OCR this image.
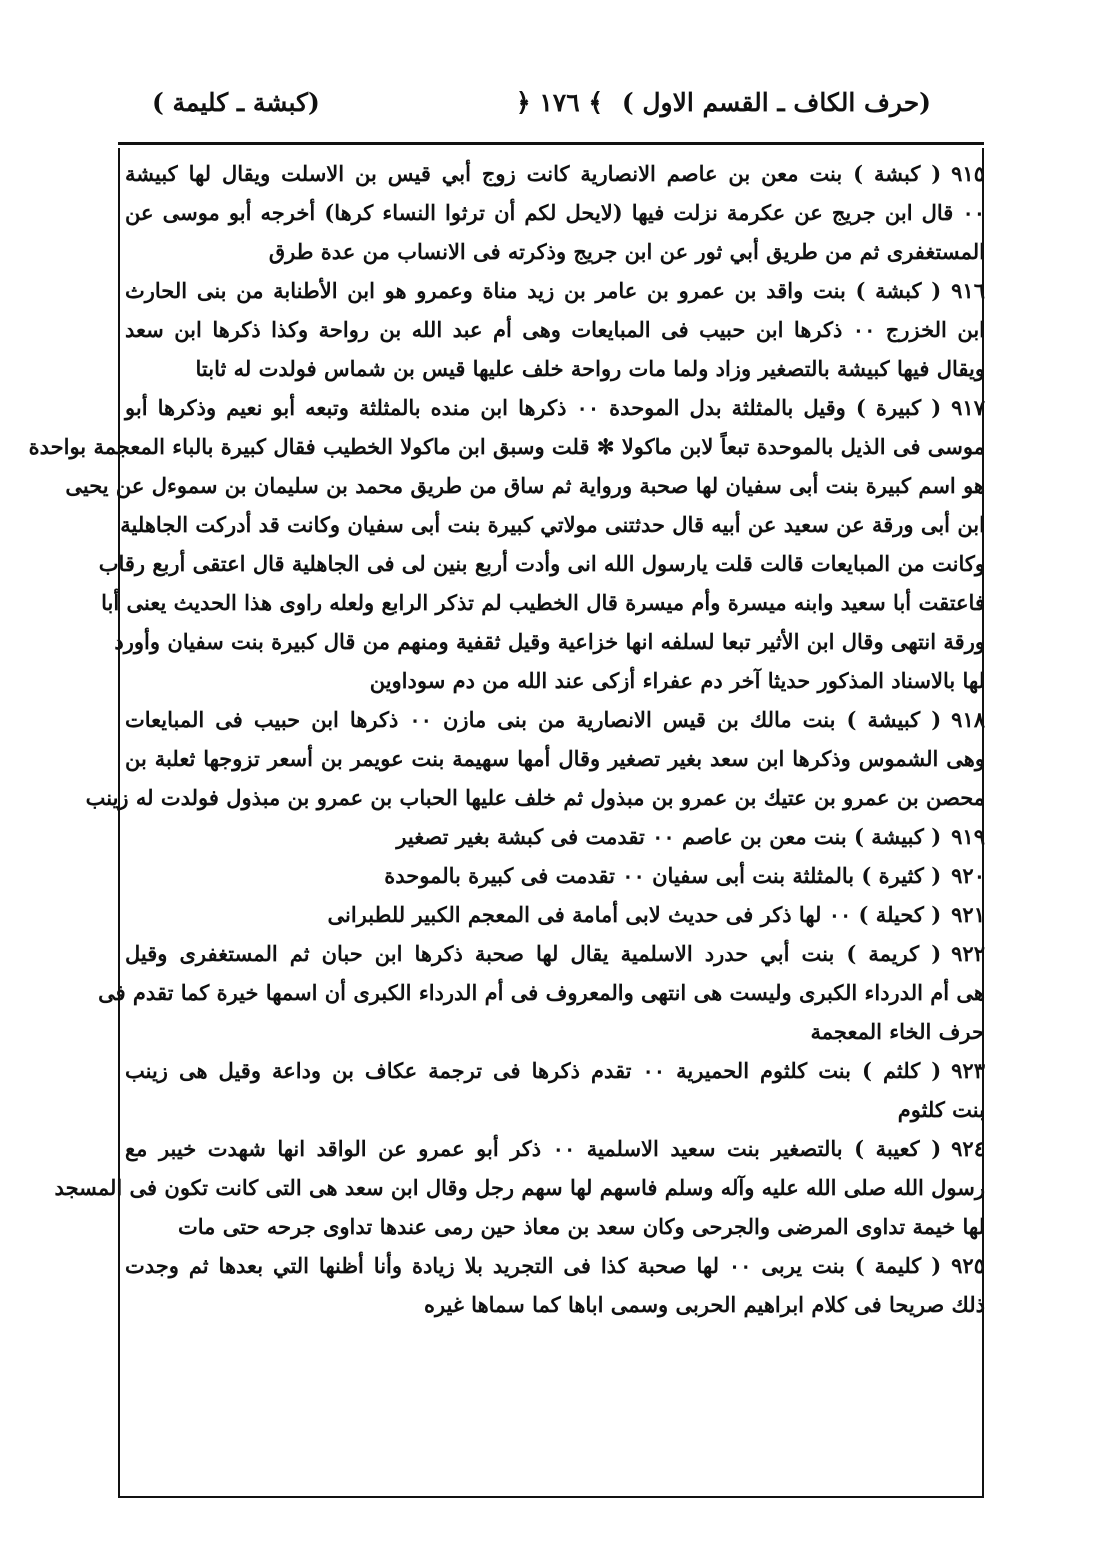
(حرف الكاف ـ القسم الاول )
﴿ ١٧٦ ﴾
(كبشة ـ كليمة )
٩١٥( كبشة ) بنت معن بن عاصم الانصارية كانت زوج أبي قيس بن الاسلت ويقال لها كبيشة
٠٠ قال ابن جريج عن عكرمة نزلت فيها (لايحل لكم أن ترثوا النساء كرها) أخرجه أبو موسى عن
المستغفرى ثم من طريق أبي ثور عن ابن جريج وذكرته فى الانساب من عدة طرق
٩١٦( كبشة ) بنت واقد بن عمرو بن عامر بن زيد مناة وعمرو هو ابن الأطنابة من بنى الحارث
ابن الخزرج ٠٠ ذكرها ابن حبيب فى المبايعات وهى أم عبد الله بن رواحة وكذا ذكرها ابن سعد
ويقال فيها كبيشة بالتصغير وزاد ولما مات رواحة خلف عليها قيس بن شماس فولدت له ثابتا
٩١٧( كبيرة ) وقيل بالمثلثة بدل الموحدة ٠٠ ذكرها ابن منده بالمثلثة وتبعه أبو نعيم وذكرها أبو
موسى فى الذيل بالموحدة تبعاً لابن ماكولا ✻ قلت وسبق ابن ماكولا الخطيب فقال كبيرة بالباء المعجمة بواحدة
هو اسم كبيرة بنت أبى سفيان لها صحبة ورواية ثم ساق من طريق محمد بن سليمان بن سموءل عن يحيى
ابن أبى ورقة عن سعيد عن أبيه قال حدثتنى مولاتي كبيرة بنت أبى سفيان وكانت قد أدركت الجاهلية
وكانت من المبايعات قالت قلت يارسول الله انى وأدت أربع بنين لى فى الجاهلية قال اعتقى أربع رقاب
فاعتقت أبا سعيد وابنه ميسرة وأم ميسرة قال الخطيب لم تذكر الرابع ولعله راوى هذا الحديث يعنى أبا
ورقة انتهى وقال ابن الأثير تبعا لسلفه انها خزاعية وقيل ثقفية ومنهم من قال كبيرة بنت سفيان وأورد
لها بالاسناد المذكور حديثا آخر دم عفراء أزكى عند الله من دم سوداوين
٩١٨( كبيشة ) بنت مالك بن قيس الانصارية من بنى مازن ٠٠ ذكرها ابن حبيب فى المبايعات
وهى الشموس وذكرها ابن سعد بغير تصغير وقال أمها سهيمة بنت عويمر بن أسعر تزوجها ثعلبة بن
محصن بن عمرو بن عتيك بن عمرو بن مبذول ثم خلف عليها الحباب بن عمرو بن مبذول فولدت له زينب
٩١٩( كبيشة ) بنت معن بن عاصم ٠٠ تقدمت فى كبشة بغير تصغير
٩٢٠( كثيرة ) بالمثلثة بنت أبى سفيان ٠٠ تقدمت فى كبيرة بالموحدة
٩٢١( كحيلة ) ٠٠ لها ذكر فى حديث لابى أمامة فى المعجم الكبير للطبرانى
٩٢٢( كريمة ) بنت أبي حدرد الاسلمية يقال لها صحبة ذكرها ابن حبان ثم المستغفرى وقيل
هى أم الدرداء الكبرى وليست هى انتهى والمعروف فى أم الدرداء الكبرى أن اسمها خيرة كما تقدم فى
حرف الخاء المعجمة
٩٢٣( كلثم ) بنت كلثوم الحميرية ٠٠ تقدم ذكرها فى ترجمة عكاف بن وداعة وقيل هى زينب
بنت كلثوم
٩٢٤( كعيبة ) بالتصغير بنت سعيد الاسلمية ٠٠ ذكر أبو عمرو عن الواقد انها شهدت خيبر مع
رسول الله صلى الله عليه وآله وسلم فاسهم لها سهم رجل وقال ابن سعد هى التى كانت تكون فى المسجد
لها خيمة تداوى المرضى والجرحى وكان سعد بن معاذ حين رمى عندها تداوى جرحه حتى مات
٩٢٥( كليمة ) بنت يربى ٠٠ لها صحبة كذا فى التجريد بلا زيادة وأنا أظنها التي بعدها ثم وجدت
ذلك صريحا فى كلام ابراهيم الحربى وسمى اباها كما سماها غيره
